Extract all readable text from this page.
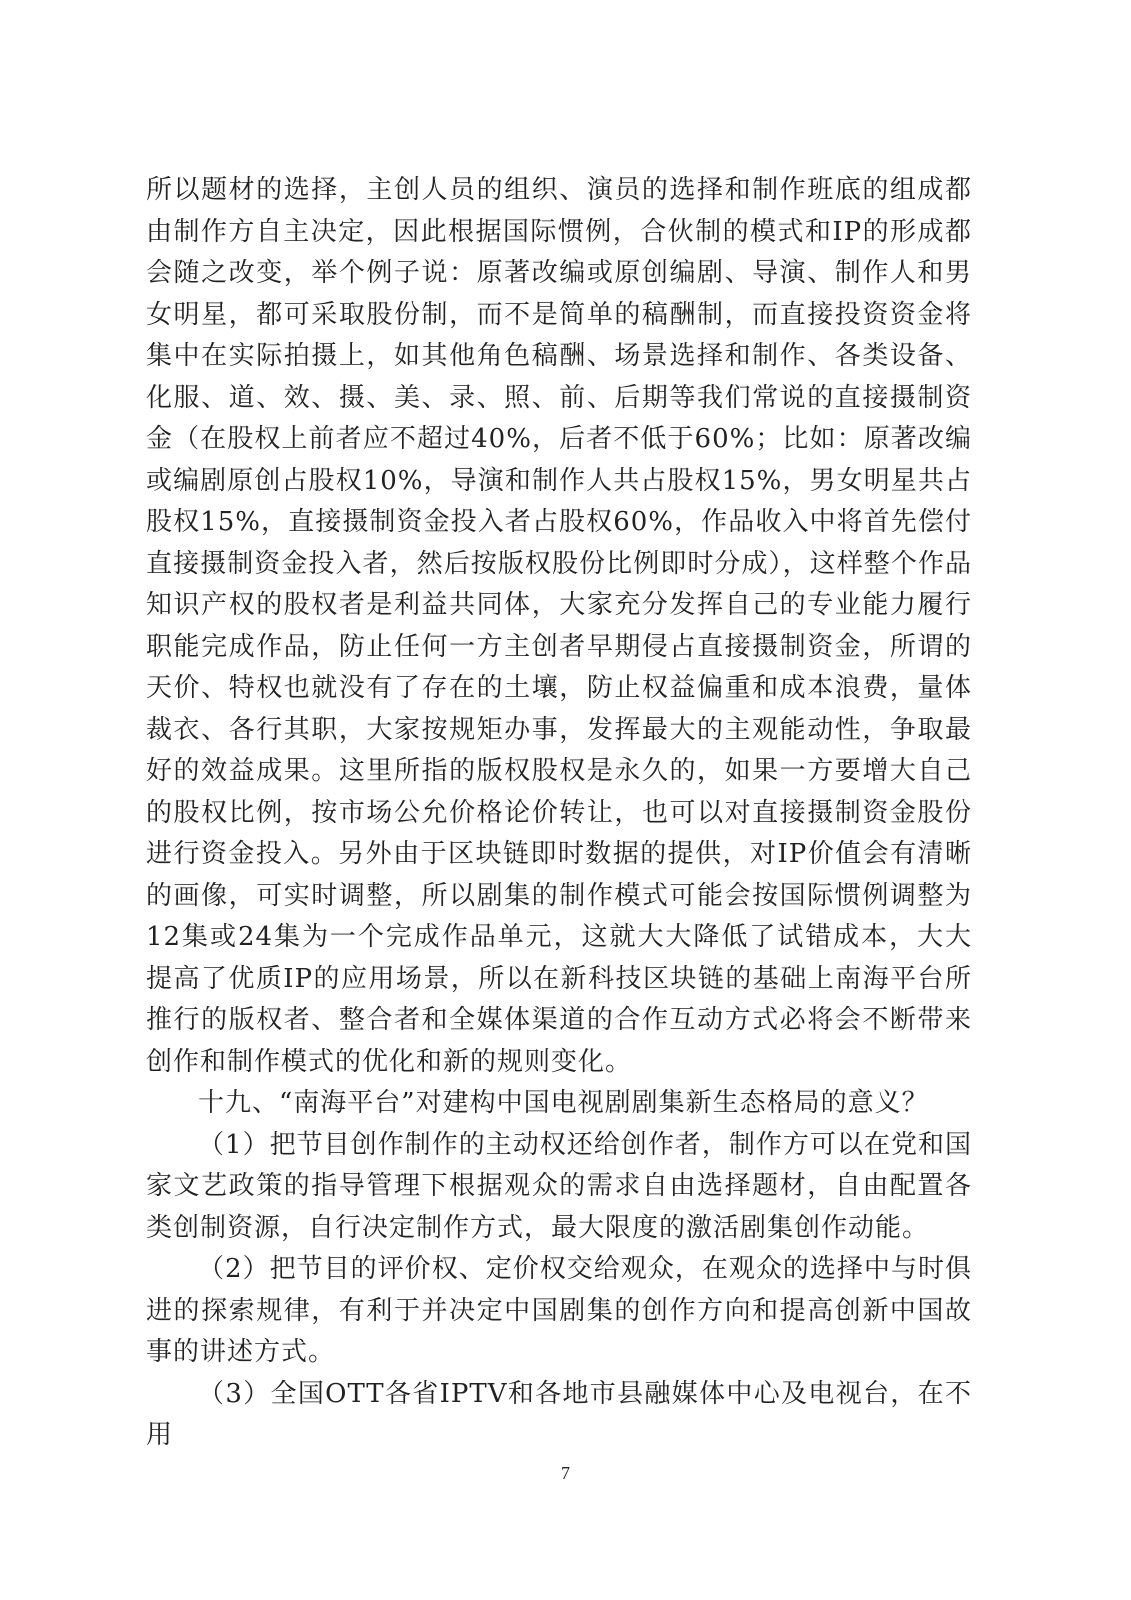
所以题材的选择，主创人员的组织、演员的选择和制作班底的组成都由制作方自主决定，因此根据国际惯例，合伙制的模式和IP的形成都会随之改变，举个例子说：原著改编或原创编剧、导演、制作人和男女明星，都可采取股份制，而不是简单的稿酬制，而直接投资资金将集中在实际拍摄上，如其他角色稿酬、场景选择和制作、各类设备、化服、道、效、摄、美、录、照、前、后期等我们常说的直接摄制资金（在股权上前者应不超过40%，后者不低于60%；比如：原著改编或编剧原创占股权10%，导演和制作人共占股权15%，男女明星共占股权15%，直接摄制资金投入者占股权60%，作品收入中将首先偿付直接摄制资金投入者，然后按版权股份比例即时分成），这样整个作品知识产权的股权者是利益共同体，大家充分发挥自己的专业能力履行职能完成作品，防止任何一方主创者早期侵占直接摄制资金，所谓的天价、特权也就没有了存在的土壤，防止权益偏重和成本浪费，量体裁衣、各行其职，大家按规矩办事，发挥最大的主观能动性，争取最好的效益成果。这里所指的版权股权是永久的，如果一方要增大自己的股权比例，按市场公允价格论价转让，也可以对直接摄制资金股份进行资金投入。另外由于区块链即时数据的提供，对IP价值会有清晰的画像，可实时调整，所以剧集的制作模式可能会按国际惯例调整为12集或24集为一个完成作品单元，这就大大降低了试错成本，大大提高了优质IP的应用场景，所以在新科技区块链的基础上南海平台所推行的版权者、整合者和全媒体渠道的合作互动方式必将会不断带来创作和制作模式的优化和新的规则变化。

十九、“南海平台”对建构中国电视剧剧集新生态格局的意义？

（1）把节目创作制作的主动权还给创作者，制作方可以在党和国家文艺政策的指导管理下根据观众的需求自由选择题材，自由配置各类创制资源，自行决定制作方式，最大限度的激活剧集创作动能。

（2）把节目的评价权、定价权交给观众，在观众的选择中与时俱进的探索规律，有利于并决定中国剧集的创作方向和提高创新中国故事的讲述方式。

（3）全国OTT各省IPTV和各地市县融媒体中心及电视台，在不用

7
